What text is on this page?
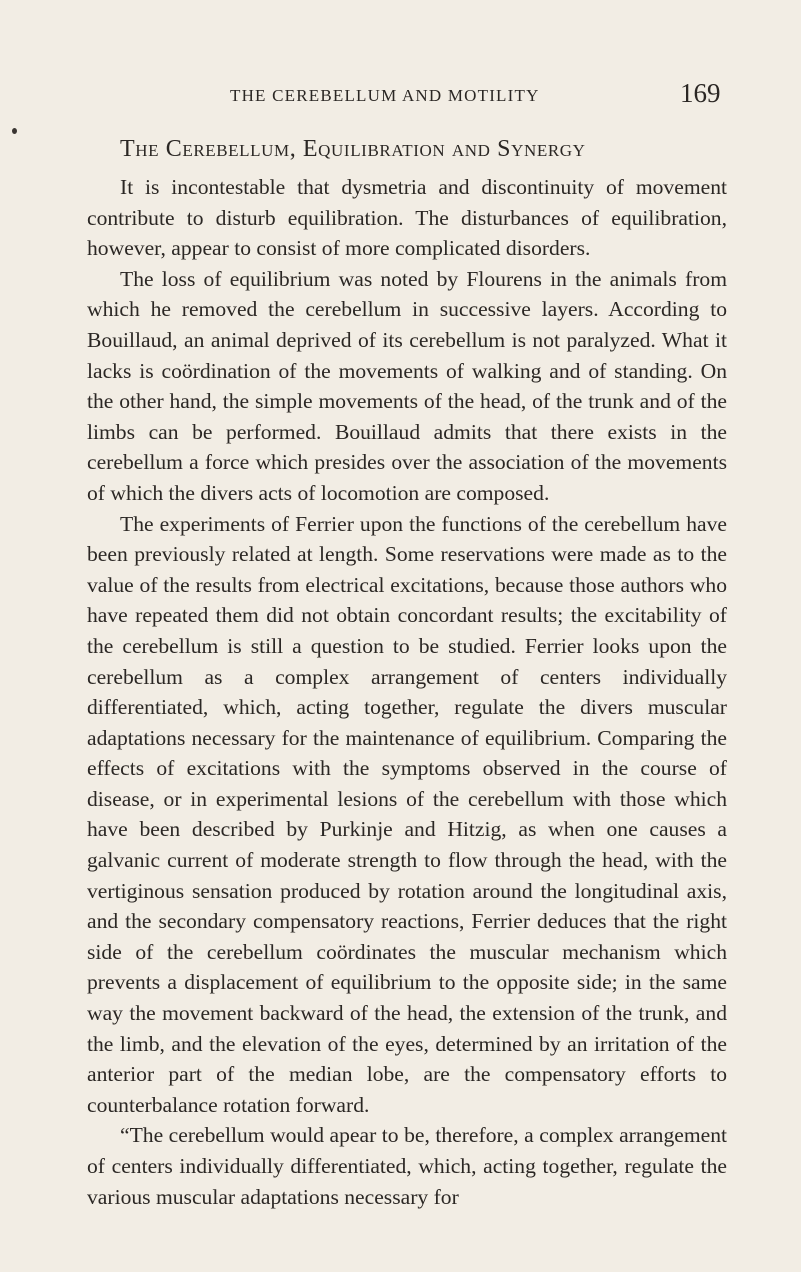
THE CEREBELLUM AND MOTILITY	169
The Cerebellum, Equilibration and Synergy

It is incontestable that dysmetria and discontinuity of movement contribute to disturb equilibration. The disturbances of equilibration, however, appear to consist of more complicated disorders.

The loss of equilibrium was noted by Flourens in the animals from which he removed the cerebellum in successive layers. According to Bouillaud, an animal deprived of its cerebellum is not paralyzed. What it lacks is coördination of the movements of walking and of standing. On the other hand, the simple movements of the head, of the trunk and of the limbs can be performed. Bouillaud admits that there exists in the cerebellum a force which presides over the association of the movements of which the divers acts of locomotion are composed.

The experiments of Ferrier upon the functions of the cerebellum have been previously related at length. Some reservations were made as to the value of the results from electrical excitations, because those authors who have repeated them did not obtain concordant results; the excitability of the cerebellum is still a question to be studied. Ferrier looks upon the cerebellum as a complex arrangement of centers individually differentiated, which, acting together, regulate the divers muscular adaptations necessary for the maintenance of equilibrium. Comparing the effects of excitations with the symptoms observed in the course of disease, or in experimental lesions of the cerebellum with those which have been described by Purkinje and Hitzig, as when one causes a galvanic current of moderate strength to flow through the head, with the vertiginous sensation produced by rotation around the longitudinal axis, and the secondary compensatory reactions, Ferrier deduces that the right side of the cerebellum coördinates the muscular mechanism which prevents a displacement of equilibrium to the opposite side; in the same way the movement backward of the head, the extension of the trunk, and the limb, and the elevation of the eyes, determined by an irritation of the anterior part of the median lobe, are the compensatory efforts to counterbalance rotation forward.

“The cerebellum would apear to be, therefore, a complex arrangement of centers individually differentiated, which, acting together, regulate the various muscular adaptations necessary for
